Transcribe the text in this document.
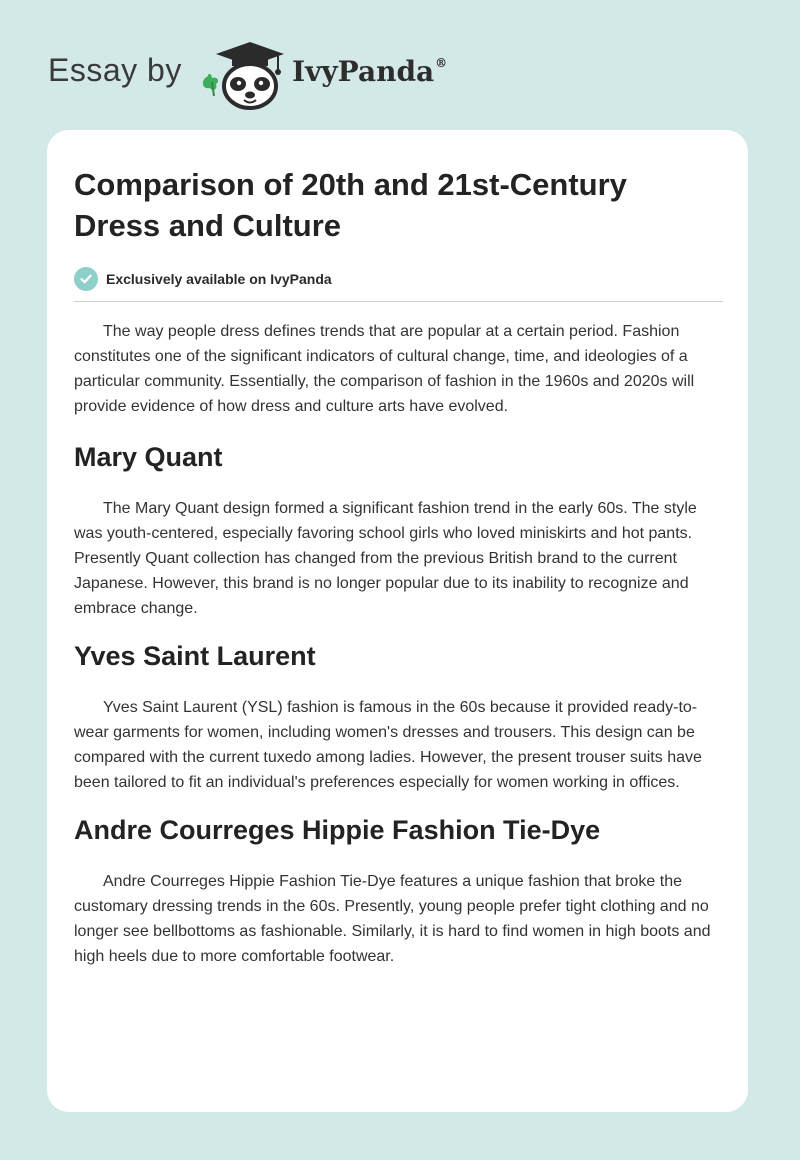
Essay by	IvyPanda®
Comparison of 20th and 21st-Century
Dress and Culture
Exclusively available on IvyPanda

The way people dress defines trends that are popular at a certain period. Fashion constitutes one of the significant indicators of cultural change, time, and ideologies of a particular community. Essentially, the comparison of fashion in the 1960s and 2020s will provide evidence of how dress and culture arts have evolved.

Mary Quant

The Mary Quant design formed a significant fashion trend in the early 60s. The style was youth-centered, especially favoring school girls who loved miniskirts and hot pants. Presently Quant collection has changed from the previous British brand to the current Japanese. However, this brand is no longer popular due to its inability to recognize and embrace change.

Yves Saint Laurent

Yves Saint Laurent (YSL) fashion is famous in the 60s because it provided ready-to-wear garments for women, including women's dresses and trousers. This design can be compared with the current tuxedo among ladies. However, the present trouser suits have been tailored to fit an individual's preferences especially for women working in offices.

Andre Courreges Hippie Fashion Tie-Dye

Andre Courreges Hippie Fashion Tie-Dye features a unique fashion that broke the customary dressing trends in the 60s. Presently, young people prefer tight clothing and no longer see bellbottoms as fashionable. Similarly, it is hard to find women in high boots and high heels due to more comfortable footwear.
